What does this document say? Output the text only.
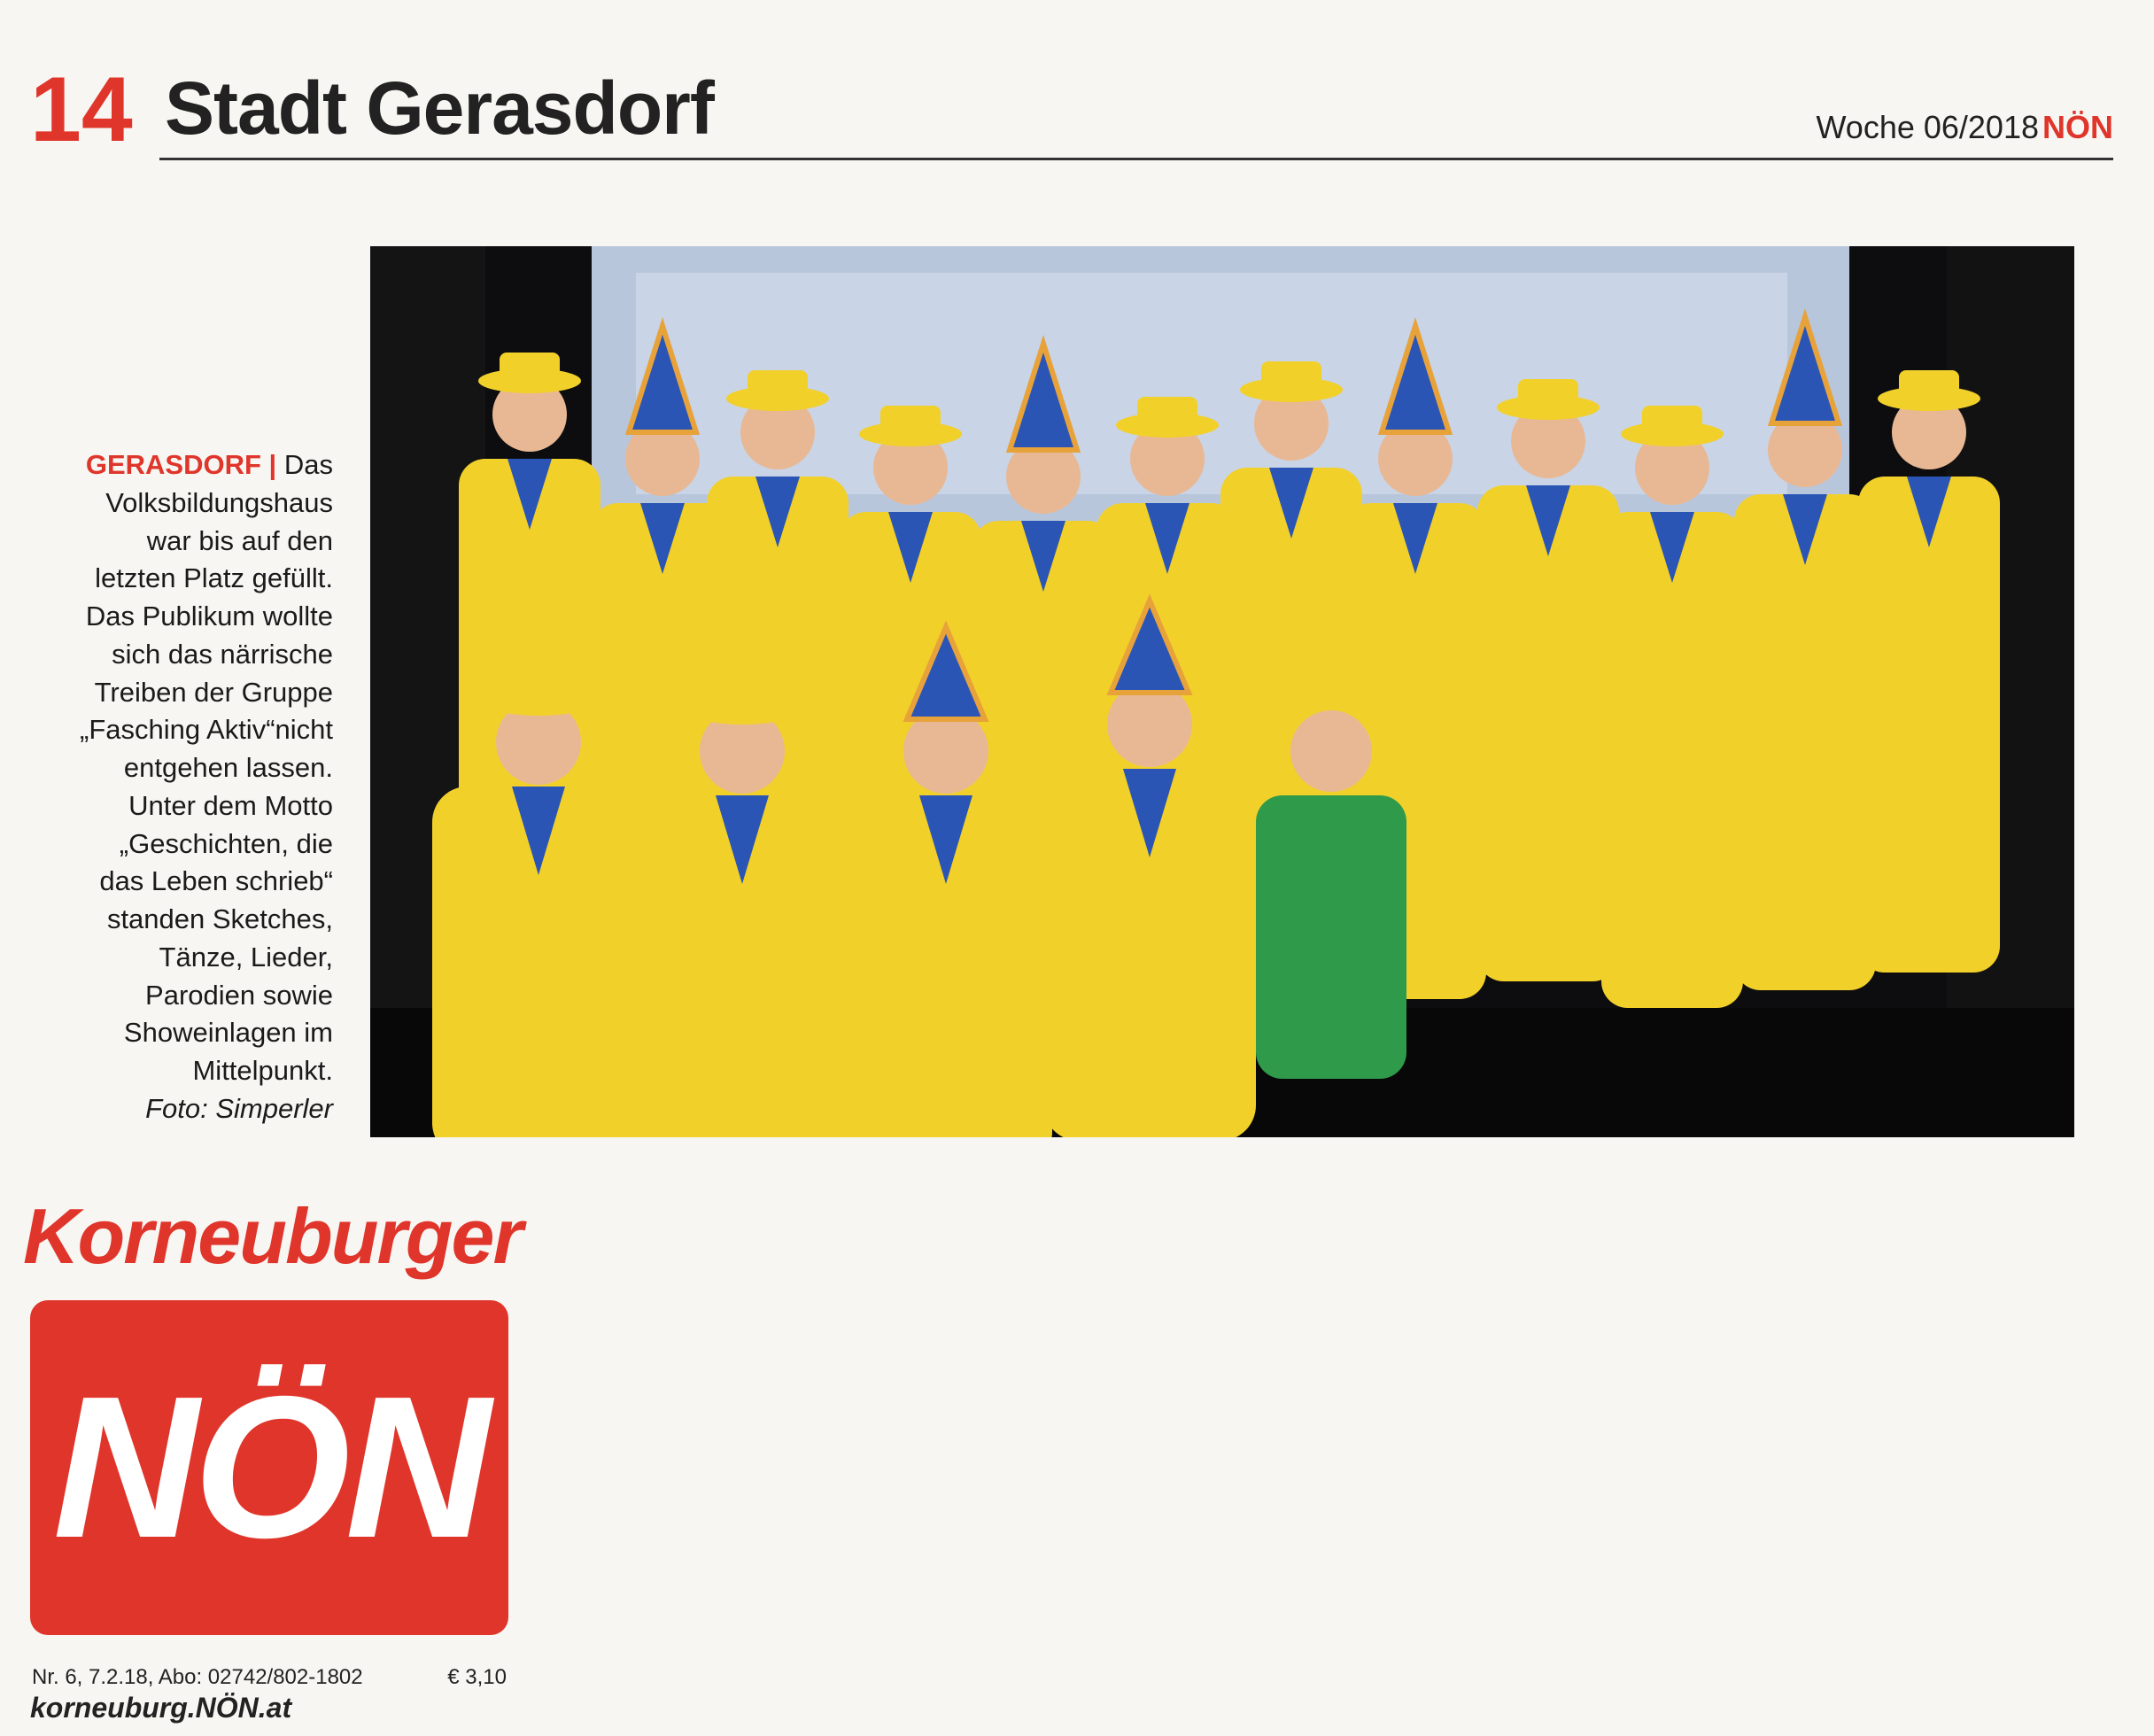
14 Stadt Gerasdorf	Woche 06/2018 NÖN
GERASDORF | Das Volksbildungshaus war bis auf den letzten Platz gefüllt. Das Publikum wollte sich das närrische Treiben der Gruppe „Fasching Aktiv“nicht entgehen lassen. Unter dem Motto „Geschichten, die das Leben schrieb“ standen Sketches, Tänze, Lieder, Parodien sowie Showeinlagen im Mittelpunkt.
Foto: Simperler
Korneuburger
NÖN
Nr. 6, 7.2.18, Abo: 02742/802-1802	€ 3,10
korneuburg.NÖN.at
